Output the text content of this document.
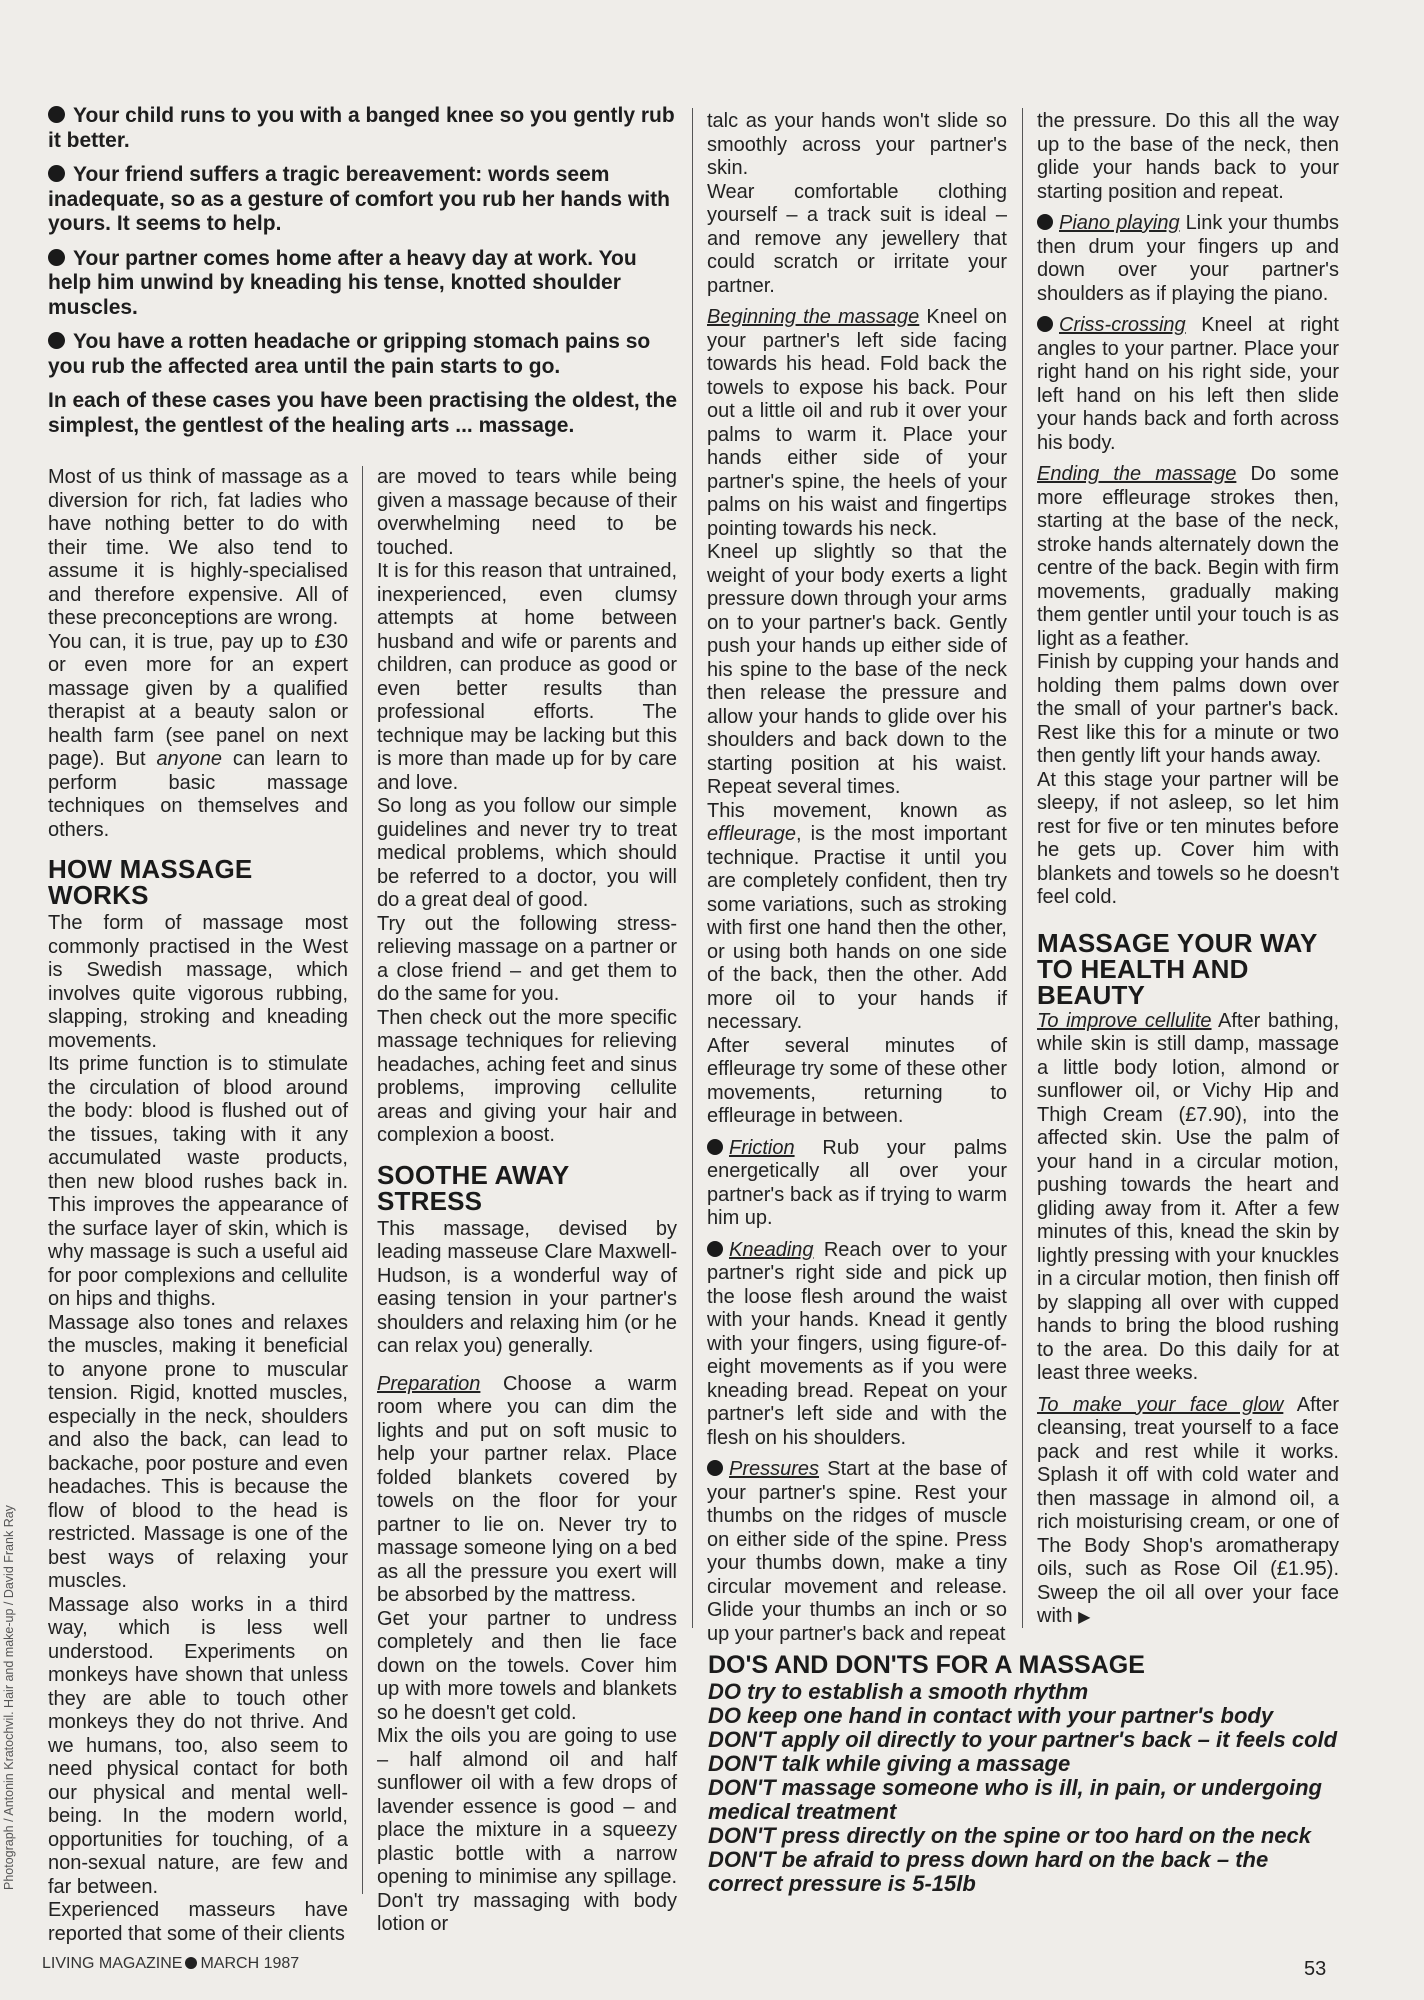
Your child runs to you with a banged knee so you gently rub it better.

Your friend suffers a tragic bereavement: words seem inadequate, so as a gesture of comfort you rub her hands with yours. It seems to help.

Your partner comes home after a heavy day at work. You help him unwind by kneading his tense, knotted shoulder muscles.

You have a rotten headache or gripping stomach pains so you rub the affected area until the pain starts to go.

In each of these cases you have been practising the oldest, the simplest, the gentlest of the healing arts ... massage.

Most of us think of massage as a diversion for rich, fat ladies who have nothing better to do with their time. We also tend to assume it is highly-specialised and therefore expensive. All of these preconceptions are wrong.

You can, it is true, pay up to £30 or even more for an expert massage given by a qualified therapist at a beauty salon or health farm (see panel on next page). But anyone can learn to perform basic massage techniques on themselves and others.

HOW MASSAGE WORKS

The form of massage most commonly practised in the West is Swedish massage, which involves quite vigorous rubbing, slapping, stroking and kneading movements.

Its prime function is to stimulate the circulation of blood around the body: blood is flushed out of the tissues, taking with it any accumulated waste products, then new blood rushes back in. This improves the appearance of the surface layer of skin, which is why massage is such a useful aid for poor complexions and cellulite on hips and thighs.

Massage also tones and relaxes the muscles, making it beneficial to anyone prone to muscular tension. Rigid, knotted muscles, especially in the neck, shoulders and also the back, can lead to backache, poor posture and even headaches. This is because the flow of blood to the head is restricted. Massage is one of the best ways of relaxing your muscles.

Massage also works in a third way, which is less well understood. Experiments on monkeys have shown that unless they are able to touch other monkeys they do not thrive. And we humans, too, also seem to need physical contact for both our physical and mental well-being. In the modern world, opportunities for touching, of a non-sexual nature, are few and far between.

Experienced masseurs have reported that some of their clients

are moved to tears while being given a massage because of their overwhelming need to be touched.

It is for this reason that untrained, inexperienced, even clumsy attempts at home between husband and wife or parents and children, can produce as good or even better results than professional efforts. The technique may be lacking but this is more than made up for by care and love.

So long as you follow our simple guidelines and never try to treat medical problems, which should be referred to a doctor, you will do a great deal of good.

Try out the following stress-relieving massage on a partner or a close friend – and get them to do the same for you.

Then check out the more specific massage techniques for relieving headaches, aching feet and sinus problems, improving cellulite areas and giving your hair and complexion a boost.

SOOTHE AWAY STRESS

This massage, devised by leading masseuse Clare Maxwell-Hudson, is a wonderful way of easing tension in your partner's shoulders and relaxing him (or he can relax you) generally.

Preparation Choose a warm room where you can dim the lights and put on soft music to help your partner relax. Place folded blankets covered by towels on the floor for your partner to lie on. Never try to massage someone lying on a bed as all the pressure you exert will be absorbed by the mattress.

Get your partner to undress completely and then lie face down on the towels. Cover him up with more towels and blankets so he doesn't get cold.

Mix the oils you are going to use – half almond oil and half sunflower oil with a few drops of lavender essence is good – and place the mixture in a squeezy plastic bottle with a narrow opening to minimise any spillage. Don't try massaging with body lotion or

talc as your hands won't slide so smoothly across your partner's skin.

Wear comfortable clothing yourself – a track suit is ideal – and remove any jewellery that could scratch or irritate your partner.

Beginning the massage Kneel on your partner's left side facing towards his head. Fold back the towels to expose his back. Pour out a little oil and rub it over your palms to warm it. Place your hands either side of your partner's spine, the heels of your palms on his waist and fingertips pointing towards his neck.

Kneel up slightly so that the weight of your body exerts a light pressure down through your arms on to your partner's back. Gently push your hands up either side of his spine to the base of the neck then release the pressure and allow your hands to glide over his shoulders and back down to the starting position at his waist. Repeat several times.

This movement, known as effleurage, is the most important technique. Practise it until you are completely confident, then try some variations, such as stroking with first one hand then the other, or using both hands on one side of the back, then the other. Add more oil to your hands if necessary.

After several minutes of effleurage try some of these other movements, returning to effleurage in between.

Friction Rub your palms energetically all over your partner's back as if trying to warm him up.

Kneading Reach over to your partner's right side and pick up the loose flesh around the waist with your hands. Knead it gently with your fingers, using figure-of-eight movements as if you were kneading bread. Repeat on your partner's left side and with the flesh on his shoulders.

Pressures Start at the base of your partner's spine. Rest your thumbs on the ridges of muscle on either side of the spine. Press your thumbs down, make a tiny circular movement and release. Glide your thumbs an inch or so up your partner's back and repeat

the pressure. Do this all the way up to the base of the neck, then glide your hands back to your starting position and repeat.

Piano playing Link your thumbs then drum your fingers up and down over your partner's shoulders as if playing the piano.

Criss-crossing Kneel at right angles to your partner. Place your right hand on his right side, your left hand on his left then slide your hands back and forth across his body.

Ending the massage Do some more effleurage strokes then, starting at the base of the neck, stroke hands alternately down the centre of the back. Begin with firm movements, gradually making them gentler until your touch is as light as a feather.

Finish by cupping your hands and holding them palms down over the small of your partner's back. Rest like this for a minute or two then gently lift your hands away.

At this stage your partner will be sleepy, if not asleep, so let him rest for five or ten minutes before he gets up. Cover him with blankets and towels so he doesn't feel cold.

MASSAGE YOUR WAY TO HEALTH AND BEAUTY

To improve cellulite After bathing, while skin is still damp, massage a little body lotion, almond or sunflower oil, or Vichy Hip and Thigh Cream (£7.90), into the affected skin. Use the palm of your hand in a circular motion, pushing towards the heart and gliding away from it. After a few minutes of this, knead the skin by lightly pressing with your knuckles in a circular motion, then finish off by slapping all over with cupped hands to bring the blood rushing to the area. Do this daily for at least three weeks.

To make your face glow After cleansing, treat yourself to a face pack and rest while it works. Splash it off with cold water and then massage in almond oil, a rich moisturising cream, or one of The Body Shop's aromatherapy oils, such as Rose Oil (£1.95). Sweep the oil all over your face with ▶

DO'S AND DON'TS FOR A MASSAGE
DO try to establish a smooth rhythm
DO keep one hand in contact with your partner's body
DON'T apply oil directly to your partner's back – it feels cold
DON'T talk while giving a massage
DON'T massage someone who is ill, in pain, or undergoing medical treatment
DON'T press directly on the spine or too hard on the neck
DON'T be afraid to press down hard on the back – the correct pressure is 5-15lb
Photograph / Antonin Kratochvil. Hair and make-up / David Frank Ray
LIVING MAGAZINE MARCH 1987	53
